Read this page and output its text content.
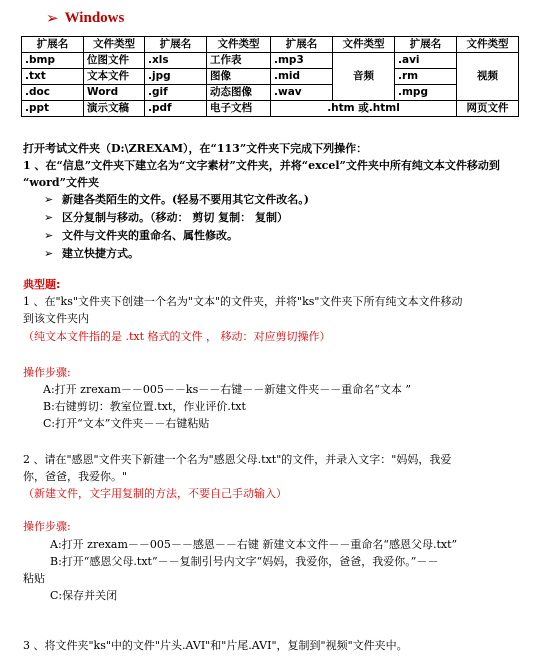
➢ Windows
扩展名	文件类型	扩展名	文件类型	扩展名	文件类型	扩展名	文件类型
.bmp	位图文件	.xls	工作表	.mp3	音频	.avi	视频
.txt	文本文件	.jpg	图像	.mid		.rm	
.doc	Word	.gif	动态图像	.wav		.mpg	
.ppt	演示文稿	.pdf	电子文档	.htm 或.html			网页文件
打开考试文件夹（D:\ZREXAM），在“113”文件夹下完成下列操作：
1 、在“信息”文件夹下建立名为“文字素材”文件夹，并将“excel”文件夹中所有纯文本文件移动到
“word”文件夹
➢ 新建各类陌生的文件。(轻易不要用其它文件改名。)
➢ 区分复制与移动。（移动： 剪切 复制： 复制）
➢ 文件与文件夹的重命名、属性修改。
➢ 建立快捷方式。
典型题:
1 、在"ks"文件夹下创建一个名为"文本"的文件夹，并将"ks"文件夹下所有纯文本文件移动
到该文件夹内
（纯文本文件指的是 .txt 格式的文件 ， 移动：对应剪切操作）
操作步骤:
A:打开 zrexam－－005－－ks－－右键－－新建文件夹－－重命名“文本 ”
B:右键剪切：教室位置.txt，作业评价.txt
C:打开“文本”文件夹－－右键粘贴
2 、请在"感恩"文件夹下新建一个名为"感恩父母.txt"的文件，并录入文字："妈妈，我爱
你，爸爸，我爱你。"
（新建文件，文字用复制的方法，不要自己手动输入）
操作步骤:
A:打开 zrexam－－005－－感恩－－右键 新建文本文件－－重命名“感恩父母.txt”
B:打开“感恩父母.txt”－－复制引号内文字“妈妈，我爱你，爸爸，我爱你。”－－
粘贴
C:保存并关闭
3 、将文件夹"ks"中的文件"片头.AVI"和"片尾.AVI"，复制到"视频"文件夹中。
